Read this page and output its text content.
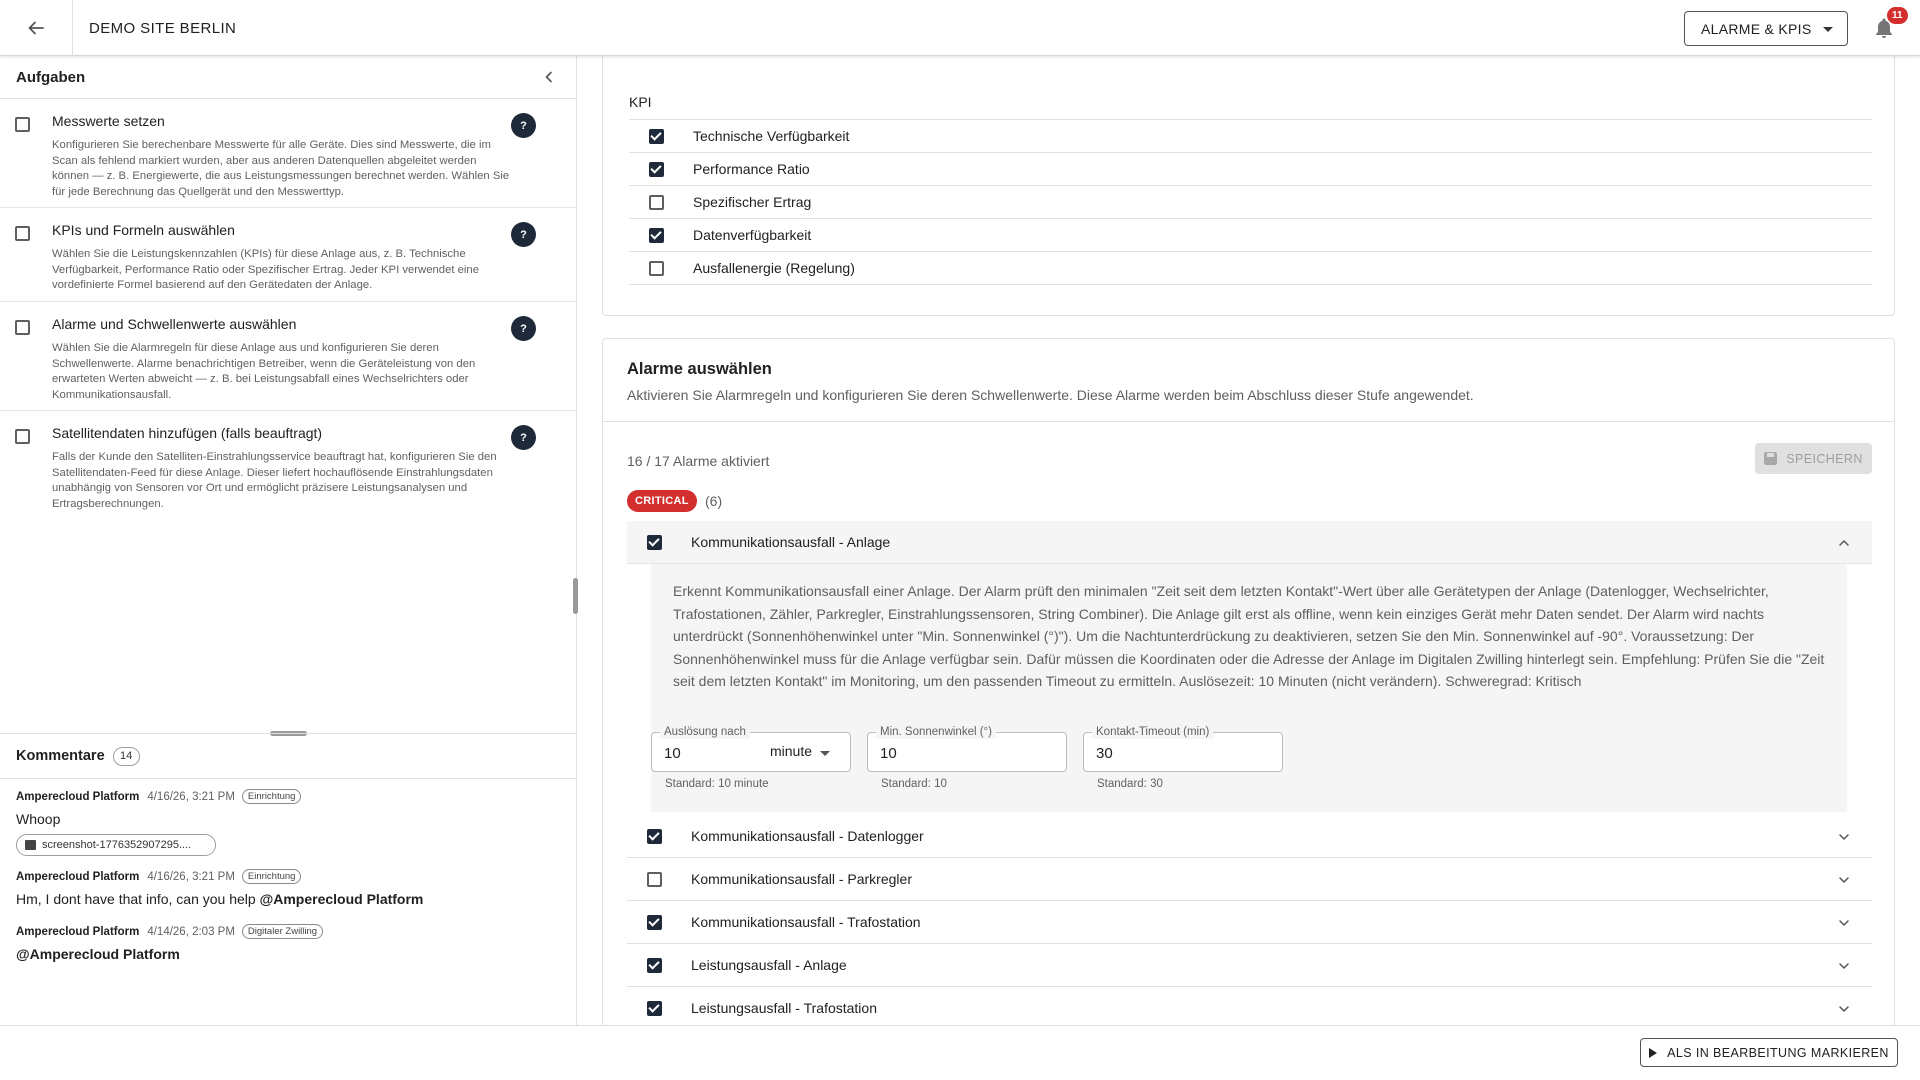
DEMO SITE BERLIN	ALARME & KPIS
11
Aufgaben
Messwerte setzen
Konfigurieren Sie berechenbare Messwerte für alle Geräte. Dies sind Messwerte, die im Scan als fehlend markiert wurden, aber aus anderen Datenquellen abgeleitet werden können — z. B. Energiewerte, die aus Leistungsmessungen berechnet werden. Wählen Sie für jede Berechnung das Quellgerät und den Messwerttyp.
?
KPIs und Formeln auswählen
Wählen Sie die Leistungskennzahlen (KPIs) für diese Anlage aus, z. B. Technische Verfügbarkeit, Performance Ratio oder Spezifischer Ertrag. Jeder KPI verwendet eine vordefinierte Formel basierend auf den Gerätedaten der Anlage.
?
Alarme und Schwellenwerte auswählen
Wählen Sie die Alarmregeln für diese Anlage aus und konfigurieren Sie deren Schwellenwerte. Alarme benachrichtigen Betreiber, wenn die Geräteleistung von den erwarteten Werten abweicht — z. B. bei Leistungsabfall eines Wechselrichters oder Kommunikationsausfall.
?
Satellitendaten hinzufügen (falls beauftragt)
Falls der Kunde den Satelliten-Einstrahlungsservice beauftragt hat, konfigurieren Sie den Satellitendaten-Feed für diese Anlage. Dieser liefert hochauflösende Einstrahlungsdaten unabhängig von Sensoren vor Ort und ermöglicht präzisere Leistungsanalysen und Ertragsberechnungen.
?
Kommentare	14
Amperecloud Platform 4/16/26, 3:21 PM	Einrichtung
Whoop
screenshot-1776352907295....
Amperecloud Platform 4/16/26, 3:21 PM	Einrichtung
Hm, I dont have that info, can you help @Amperecloud Platform
Amperecloud Platform 4/14/26, 2:03 PM	Digitaler Zwilling
@Amperecloud Platform
Kommentar schreiben...
KPI
Technische Verfügbarkeit
Performance Ratio
Spezifischer Ertrag
Datenverfügbarkeit
Ausfallenergie (Regelung)
Alarme auswählen
Aktivieren Sie Alarmregeln und konfigurieren Sie deren Schwellenwerte. Diese Alarme werden beim Abschluss dieser Stufe angewendet.
16 / 17 Alarme aktiviert	SPEICHERN
CRITICAL	(6)
Kommunikationsausfall - Anlage
Erkennt Kommunikationsausfall einer Anlage. Der Alarm prüft den minimalen "Zeit seit dem letzten Kontakt"-Wert über alle Gerätetypen der Anlage (Datenlogger, Wechselrichter, Trafostationen, Zähler, Parkregler, Einstrahlungssensoren, String Combiner). Die Anlage gilt erst als offline, wenn kein einziges Gerät mehr Daten sendet. Der Alarm wird nachts unterdrückt (Sonnenhöhenwinkel unter "Min. Sonnenwinkel (°)"). Um die Nachtunterdrückung zu deaktivieren, setzen Sie den Min. Sonnenwinkel auf -90°. Voraussetzung: Der Sonnenhöhenwinkel muss für die Anlage verfügbar sein. Dafür müssen die Koordinaten oder die Adresse der Anlage im Digitalen Zwilling hinterlegt sein. Empfehlung: Prüfen Sie die "Zeit seit dem letzten Kontakt" im Monitoring, um den passenden Timeout zu ermitteln. Auslösezeit: 10 Minuten (nicht verändern). Schweregrad: Kritisch
Auslösung nach
10	minute
Standard: 10 minute
Min. Sonnenwinkel (°)
10
Standard: 10
Kontakt-Timeout (min)
30
Standard: 30
Kommunikationsausfall - Datenlogger
Kommunikationsausfall - Parkregler
Kommunikationsausfall - Trafostation
Leistungsausfall - Anlage
Leistungsausfall - Trafostation
ALS IN BEARBEITUNG MARKIEREN
